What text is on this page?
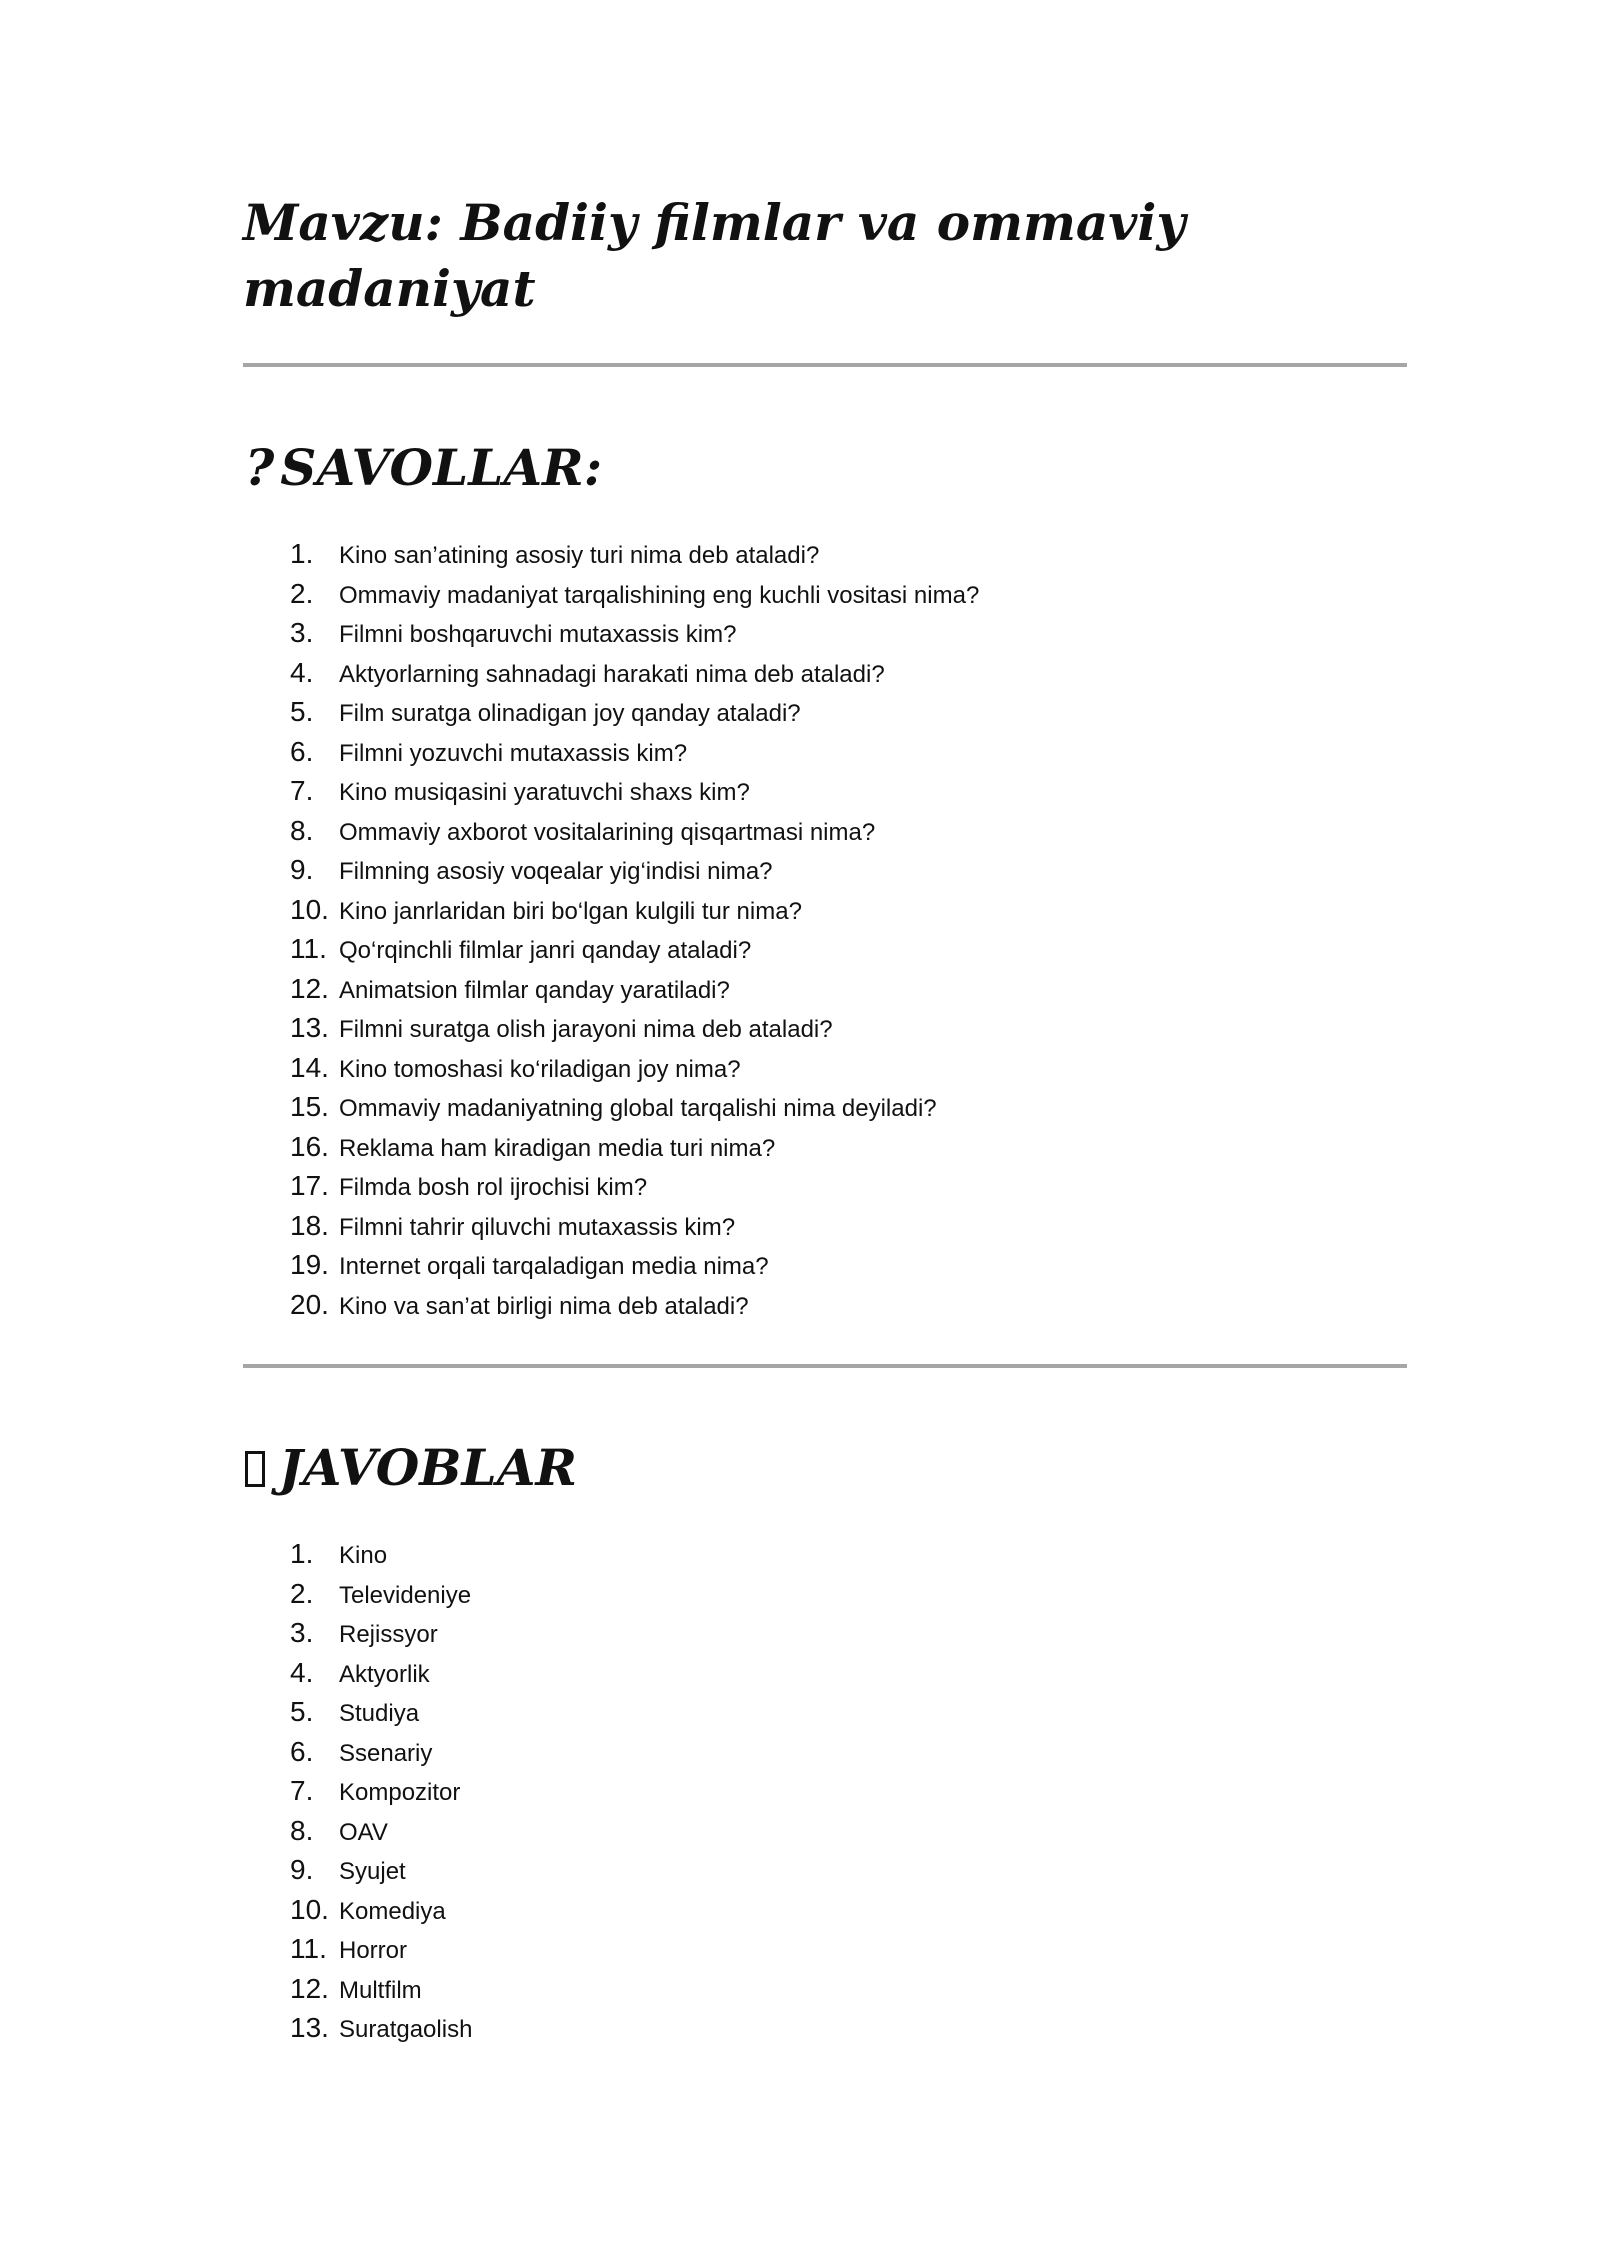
Mavzu: Badiiy filmlar va ommaviy
madaniyat
? SAVOLLAR:
1.	Kino san’atining asosiy turi nima deb ataladi?
2.	Ommaviy madaniyat tarqalishining eng kuchli vositasi nima?
3.	Filmni boshqaruvchi mutaxassis kim?
4.	Aktyorlarning sahnadagi harakati nima deb ataladi?
5.	Film suratga olinadigan joy qanday ataladi?
6.	Filmni yozuvchi mutaxassis kim?
7.	Kino musiqasini yaratuvchi shaxs kim?
8.	Ommaviy axborot vositalarining qisqartmasi nima?
9.	Filmning asosiy voqealar yig‘indisi nima?
10. Kino janrlaridan biri bo‘lgan kulgili tur nima?
11. Qo‘rqinchli filmlar janri qanday ataladi?
12. Animatsion filmlar qanday yaratiladi?
13. Filmni suratga olish jarayoni nima deb ataladi?
14. Kino tomoshasi ko‘riladigan joy nima?
15. Ommaviy madaniyatning global tarqalishi nima deyiladi?
16. Reklama ham kiradigan media turi nima?
17. Filmda bosh rol ijrochisi kim?
18. Filmni tahrir qiluvchi mutaxassis kim?
19. Internet orqali tarqaladigan media nima?
20. Kino va san’at birligi nima deb ataladi?
JAVOBLAR
1.	Kino
2.	Televideniye
3.	Rejissyor
4.	Aktyorlik
5.	Studiya
6.	Ssenariy
7.	Kompozitor
8.	OAV
9.	Syujet
10. Komediya
11. Horror
12. Multfilm
13. Suratgaolish
